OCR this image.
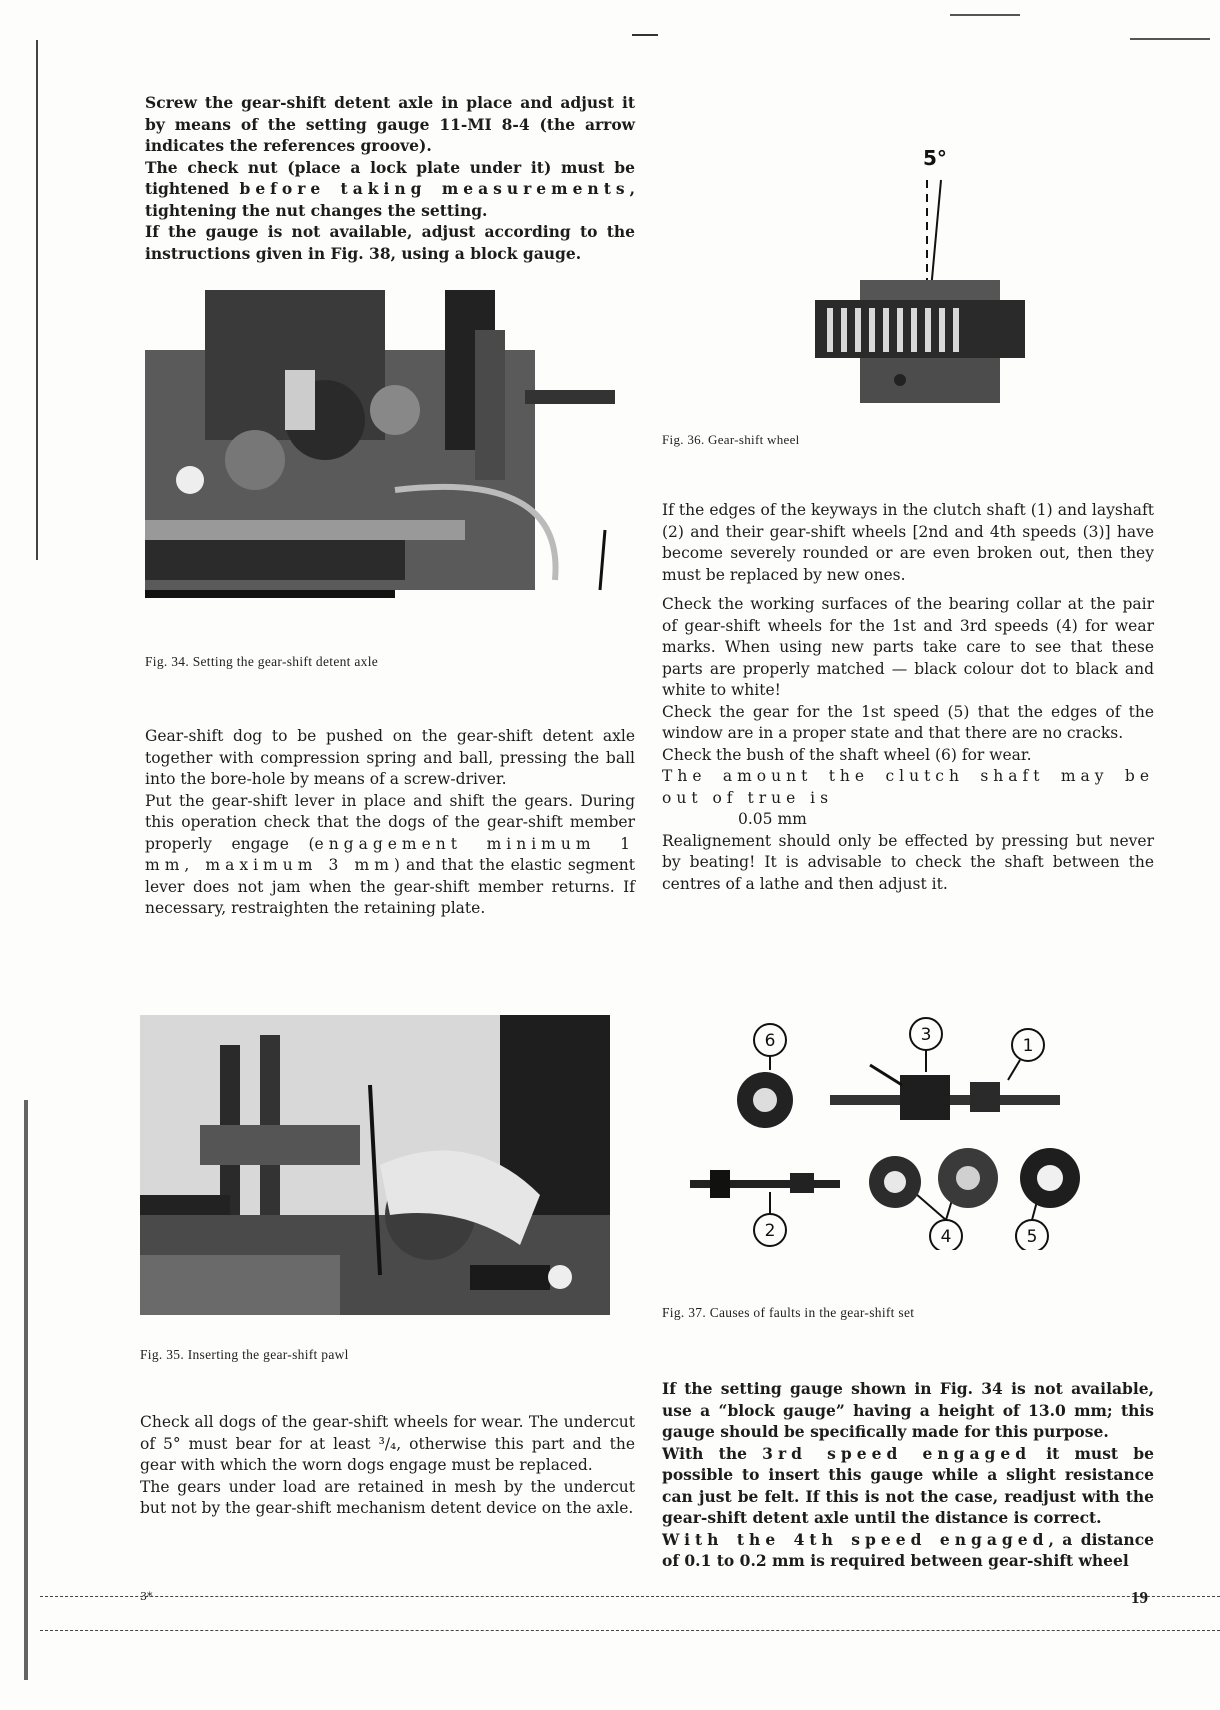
Screw the gear-shift detent axle in place and adjust it by means of the setting gauge 11-MI 8-4 (the arrow indicates the references groove).
The check nut (place a lock plate under it) must be tightened before taking measurements, tightening the nut changes the setting.
If the gauge is not available, adjust according to the instructions given in Fig. 38, using a block gauge.

Fig. 34. Setting the gear-shift detent axle

Gear-shift dog to be pushed on the gear-shift detent axle together with compression spring and ball, pressing the ball into the bore-hole by means of a screw-driver.
Put the gear-shift lever in place and shift the gears. During this operation check that the dogs of the gear-shift member properly engage (engagement minimum 1 mm, maximum 3 mm) and that the elastic segment lever does not jam when the gear-shift member returns. If necessary, restraighten the retaining plate.

Fig. 35. Inserting the gear-shift pawl

Check all dogs of the gear-shift wheels for wear. The undercut of 5° must bear for at least ³/₄, otherwise this part and the gear with which the worn dogs engage must be replaced.
The gears under load are retained in mesh by the undercut but not by the gear-shift mechanism detent device on the axle.

3*
5°
Fig. 36. Gear-shift wheel

If the edges of the keyways in the clutch shaft (1) and layshaft (2) and their gear-shift wheels [2nd and 4th speeds (3)] have become severely rounded or are even broken out, then they must be replaced by new ones.

Check the working surfaces of the bearing collar at the pair of gear-shift wheels for the 1st and 3rd speeds (4) for wear marks. When using new parts take care to see that these parts are properly matched — black colour dot to black and white to white!
Check the gear for the 1st speed (5) that the edges of the window are in a proper state and that there are no cracks.
Check the bush of the shaft wheel (6) for wear.
The amount the clutch shaft may be out of true is
0.05 mm
Realignement should only be effected by pressing but never by beating! It is advisable to check the shaft between the centres of a lathe and then adjust it.

1
2
3
4	5
6
Fig. 37. Causes of faults in the gear-shift set

If the setting gauge shown in Fig. 34 is not available, use a “block gauge” having a height of 13.0 mm; this gauge should be specifically made for this purpose.
With the 3rd speed engaged it must be possible to insert this gauge while a slight resistance can just be felt. If this is not the case, readjust with the gear-shift detent axle until the distance is correct.
With the 4th speed engaged, a distance of 0.1 to 0.2 mm is required between gear-shift wheel

19
